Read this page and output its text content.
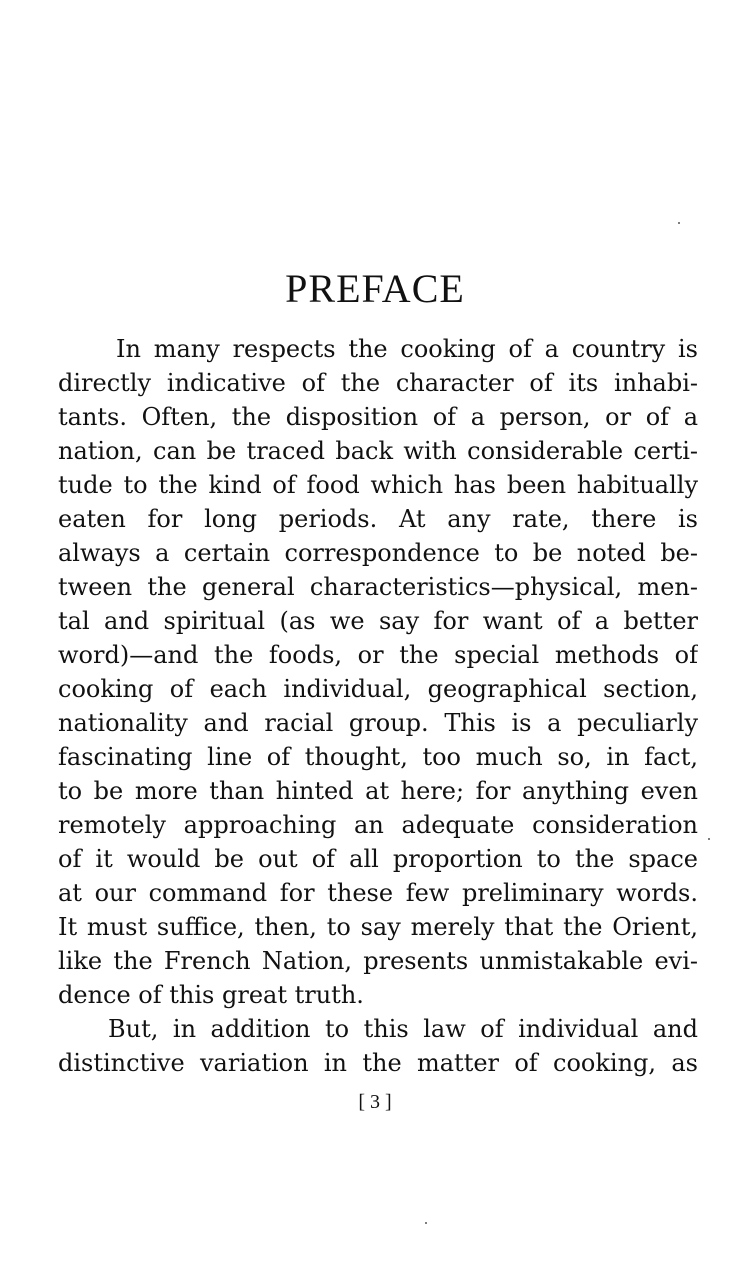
PREFACE
In many respects the cooking of a country is
directly indicative of the character of its inhabi-
tants. Often, the disposition of a person, or of a
nation, can be traced back with considerable certi-
tude to the kind of food which has been habitually
eaten for long periods. At any rate, there is
always a certain correspondence to be noted be-
tween the general characteristics—physical, men-
tal and spiritual (as we say for want of a better
word)—and the foods, or the special methods of
cooking of each individual, geographical section,
nationality and racial group. This is a peculiarly
fascinating line of thought, too much so, in fact,
to be more than hinted at here; for anything even
remotely approaching an adequate consideration
of it would be out of all proportion to the space
at our command for these few preliminary words.
It must suffice, then, to say merely that the Orient,
like the French Nation, presents unmistakable evi-
dence of this great truth.
But, in addition to this law of individual and
distinctive variation in the matter of cooking, as
[ 3 ]
